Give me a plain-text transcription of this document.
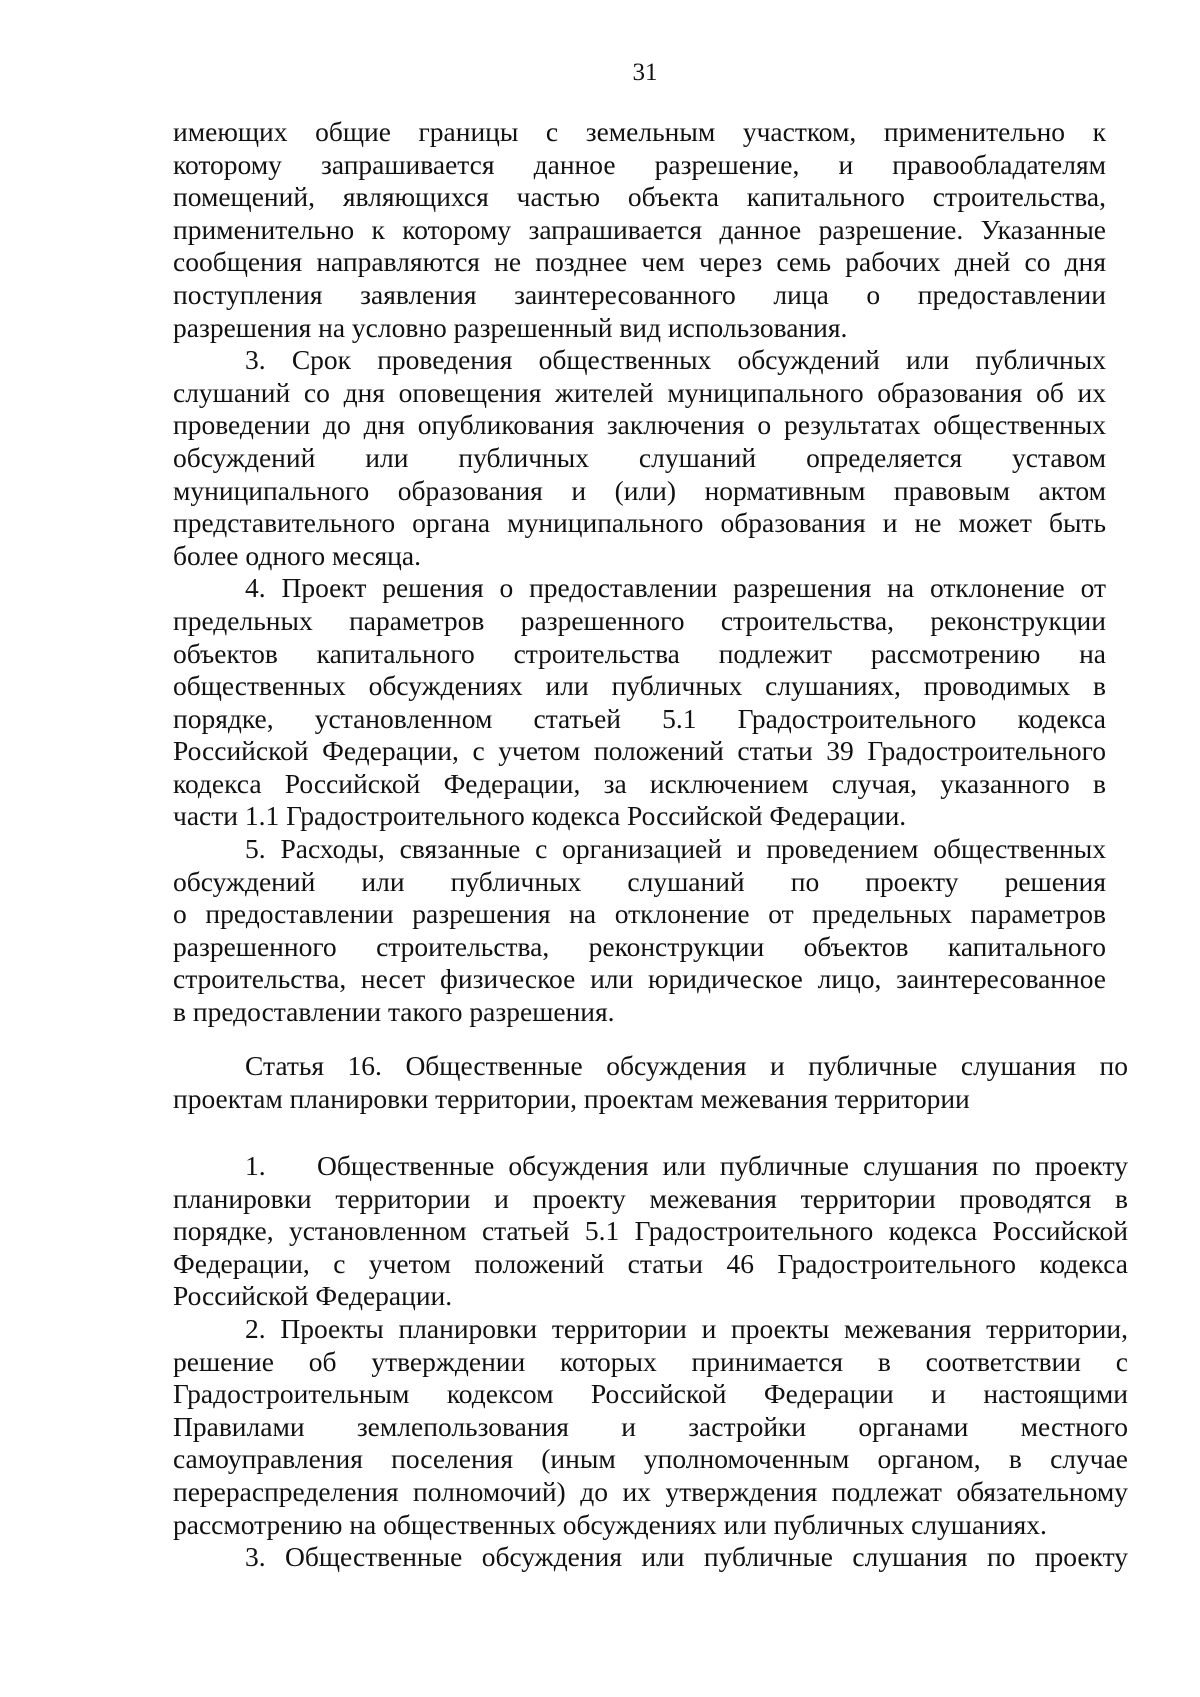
31
имеющих общие границы с земельным участком, применительно к
которому запрашивается данное разрешение, и правообладателям
помещений, являющихся частью объекта капитального строительства,
применительно к которому запрашивается данное разрешение. Указанные
сообщения направляются не позднее чем через семь рабочих дней со дня
поступления заявления заинтересованного лица о предоставлении
разрешения на условно разрешенный вид использования.
3. Срок проведения общественных обсуждений или публичных
слушаний со дня оповещения жителей муниципального образования об их
проведении до дня опубликования заключения о результатах общественных
обсуждений или публичных слушаний определяется уставом
муниципального образования и (или) нормативным правовым актом
представительного органа муниципального образования и не может быть
более одного месяца.
4. Проект решения о предоставлении разрешения на отклонение от
предельных параметров разрешенного строительства, реконструкции
объектов капитального строительства подлежит рассмотрению на
общественных обсуждениях или публичных слушаниях, проводимых в
порядке, установленном статьей 5.1 Градостроительного кодекса
Российской Федерации, с учетом положений статьи 39 Градостроительного
кодекса Российской Федерации, за исключением случая, указанного в
части 1.1 Градостроительного кодекса Российской Федерации.
5. Расходы, связанные с организацией и проведением общественных
обсуждений или публичных слушаний по проекту решения
о предоставлении разрешения на отклонение от предельных параметров
разрешенного строительства, реконструкции объектов капитального
строительства, несет физическое или юридическое лицо, заинтересованное
в предоставлении такого разрешения.
Статья 16. Общественные обсуждения и публичные слушания по
проектам планировки территории, проектам межевания территории
1. Общественные обсуждения или публичные слушания по проекту
планировки территории и проекту межевания территории проводятся в
порядке, установленном статьей 5.1 Градостроительного кодекса Российской
Федерации, с учетом положений статьи 46 Градостроительного кодекса
Российской Федерации.
2. Проекты планировки территории и проекты межевания территории,
решение об утверждении которых принимается в соответствии с
Градостроительным кодексом Российской Федерации и настоящими
Правилами землепользования и застройки органами местного
самоуправления поселения (иным уполномоченным органом, в случае
перераспределения полномочий) до их утверждения подлежат обязательному
рассмотрению на общественных обсуждениях или публичных слушаниях.
3. Общественные обсуждения или публичные слушания по проекту
